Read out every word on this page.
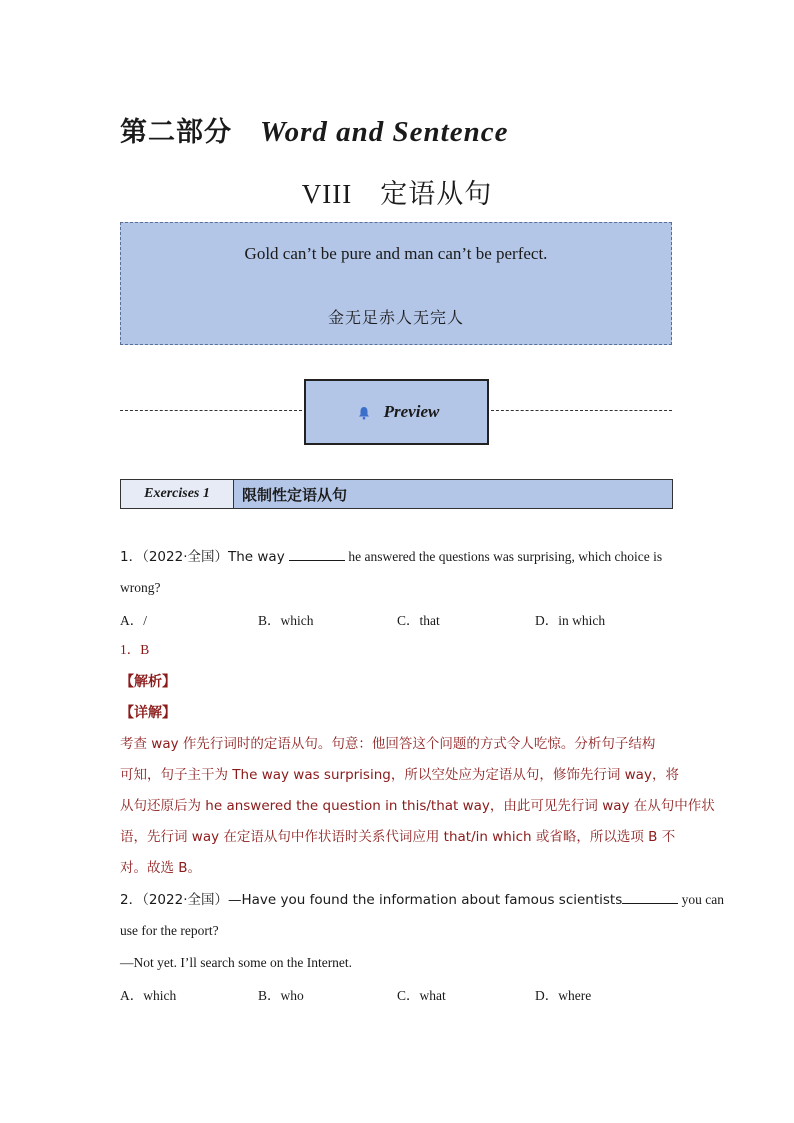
第二部分 Word and Sentence
VIII 定语从句
Gold can’t be pure and man can’t be perfect.
金无足赤人无完人
Preview
Exercises 1	限制性定语从句
1．（2022·全国）The way	he answered the questions was surprising, which choice is
wrong?
A．/	B．which	C．that	D．in which
1．B
【解析】
【详解】
考查 way 作先行词时的定语从句。句意：他回答这个问题的方式令人吃惊。分析句子结构
可知，句子主干为 The way was surprising，所以空处应为定语从句，修饰先行词 way，将
从句还原后为 he answered the question in this/that way，由此可见先行词 way 在从句中作状
语，先行词 way 在定语从句中作状语时关系代词应用 that/in which 或省略，所以选项 B 不
对。故选 B。
2．（2022·全国）—Have you found the information about famous scientists	you can
use for the report?
—Not yet. I’ll search some on the Internet.
A．which	B．who	C．what	D．where
